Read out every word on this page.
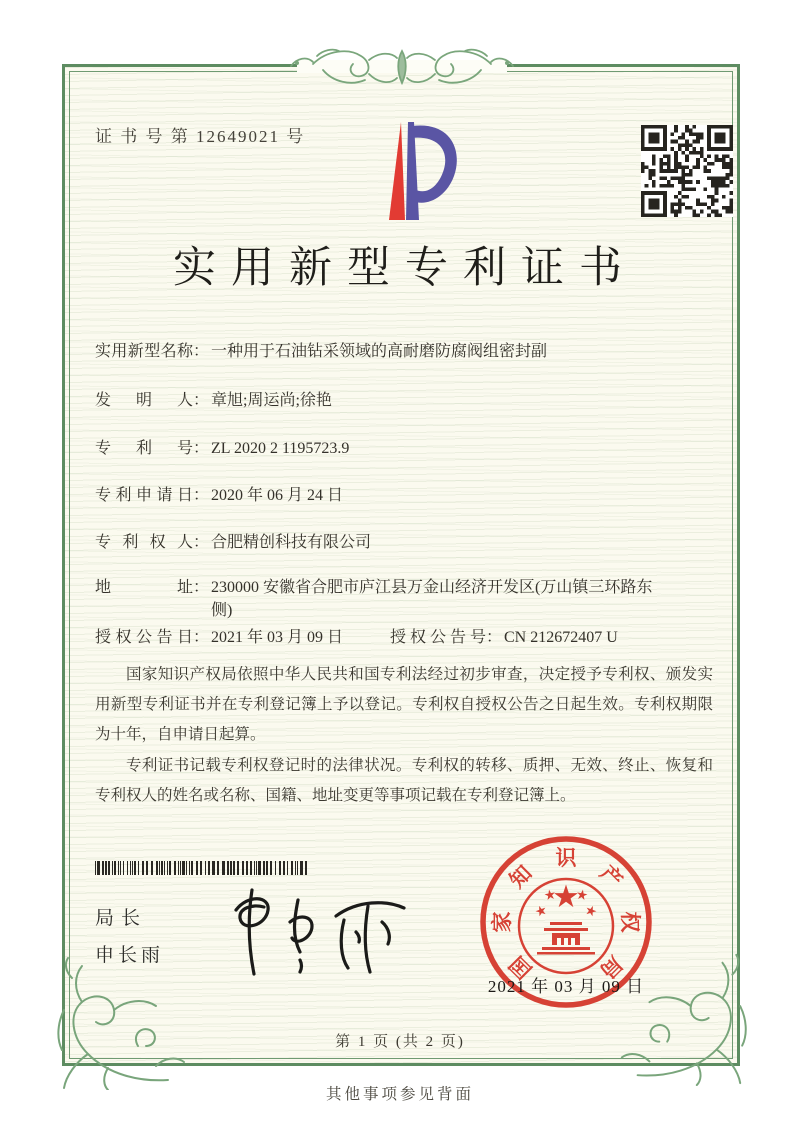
证 书 号 第 12649021 号
实用新型专利证书
实用新型名称 ： 一种用于石油钻采领域的高耐磨防腐阀组密封副
发明人 ： 章旭;周运尚;徐艳
专利号 ： ZL 2020 2 1195723.9
专利申请日 ： 2020 年 06 月 24 日
专利权人 ： 合肥精创科技有限公司
地址 ： 230000 安徽省合肥市庐江县万金山经济开发区(万山镇三环路东侧)
授权公告日 ： 2021 年 03 月 09 日	授权公告号 ： CN 212672407 U

国家知识产权局依照中华人民共和国专利法经过初步审查，决定授予专利权、颁发实用新型专利证书并在专利登记簿上予以登记。专利权自授权公告之日起生效。专利权期限为十年，自申请日起算。

专利证书记载专利权登记时的法律状况。专利权的转移、质押、无效、终止、恢复和专利权人的姓名或名称、国籍、地址变更等事项记载在专利登记簿上。

局长
申长雨	国
家
知
识
产
权
局
2021 年 03 月 09 日
第 1 页 (共 2 页)
其他事项参见背面
